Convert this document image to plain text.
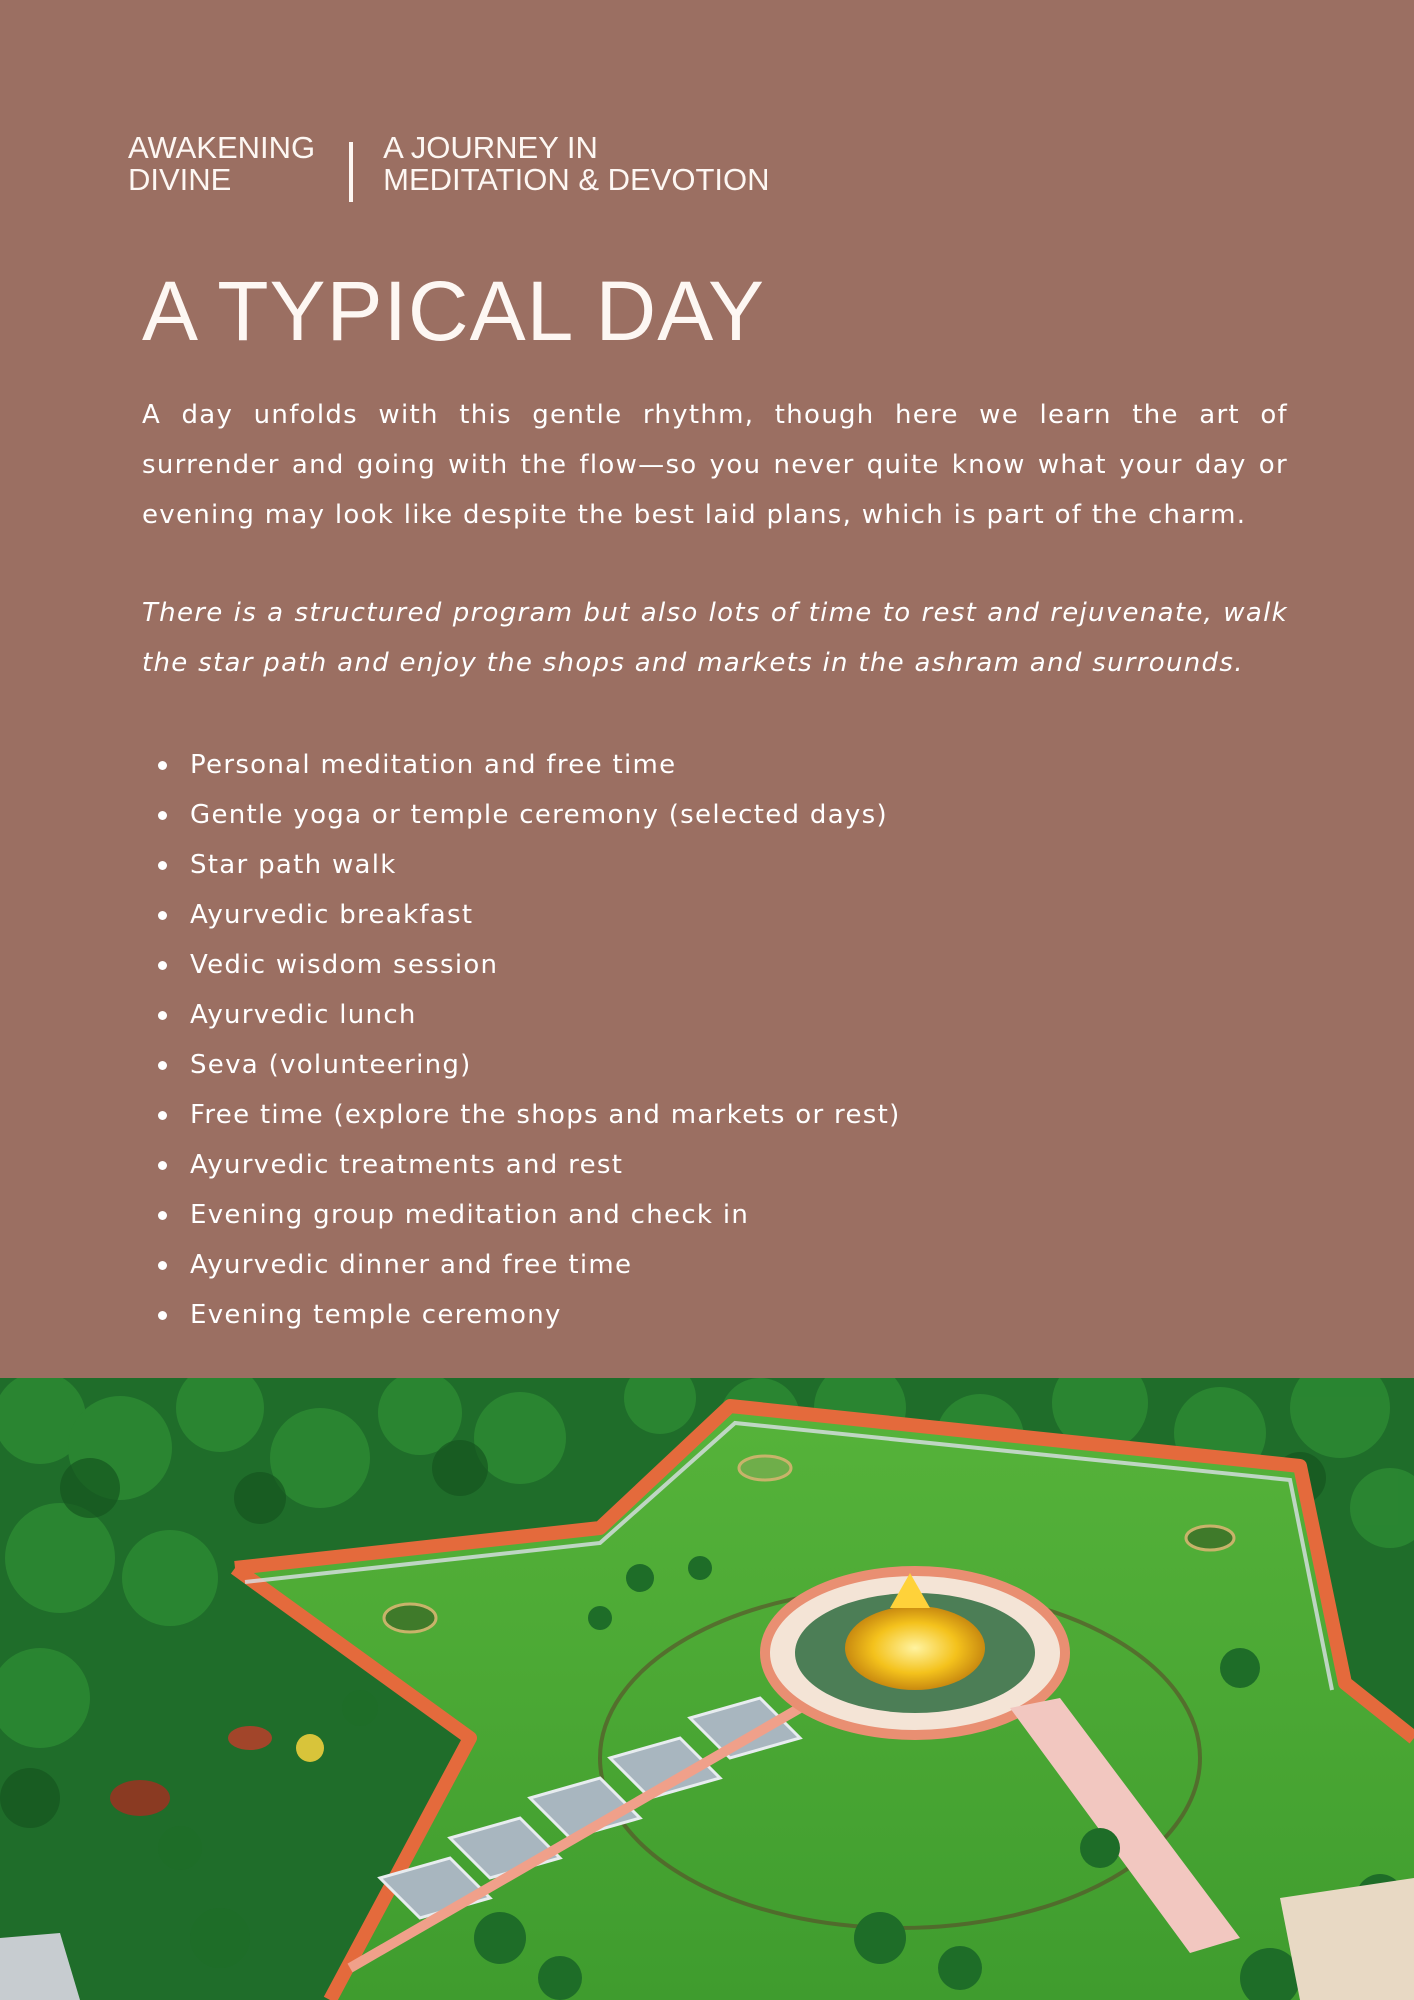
AWAKENING
DIVINE
A JOURNEY IN
MEDITATION & DEVOTION
A TYPICAL DAY

A day unfolds with this gentle rhythm, though here we learn the art of surrender and going with the flow—so you never quite know what your day or evening may look like despite the best laid plans, which is part of the charm.

There is a structured program but also lots of time to rest and rejuvenate, walk the star path and enjoy the shops and markets in the ashram and surrounds.

Personal meditation and free time
Gentle yoga or temple ceremony (selected days)
Star path walk
Ayurvedic breakfast
Vedic wisdom session
Ayurvedic lunch
Seva (volunteering)
Free time (explore the shops and markets or rest)
Ayurvedic treatments and rest
Evening group meditation and check in
Ayurvedic dinner and free time
Evening temple ceremony
